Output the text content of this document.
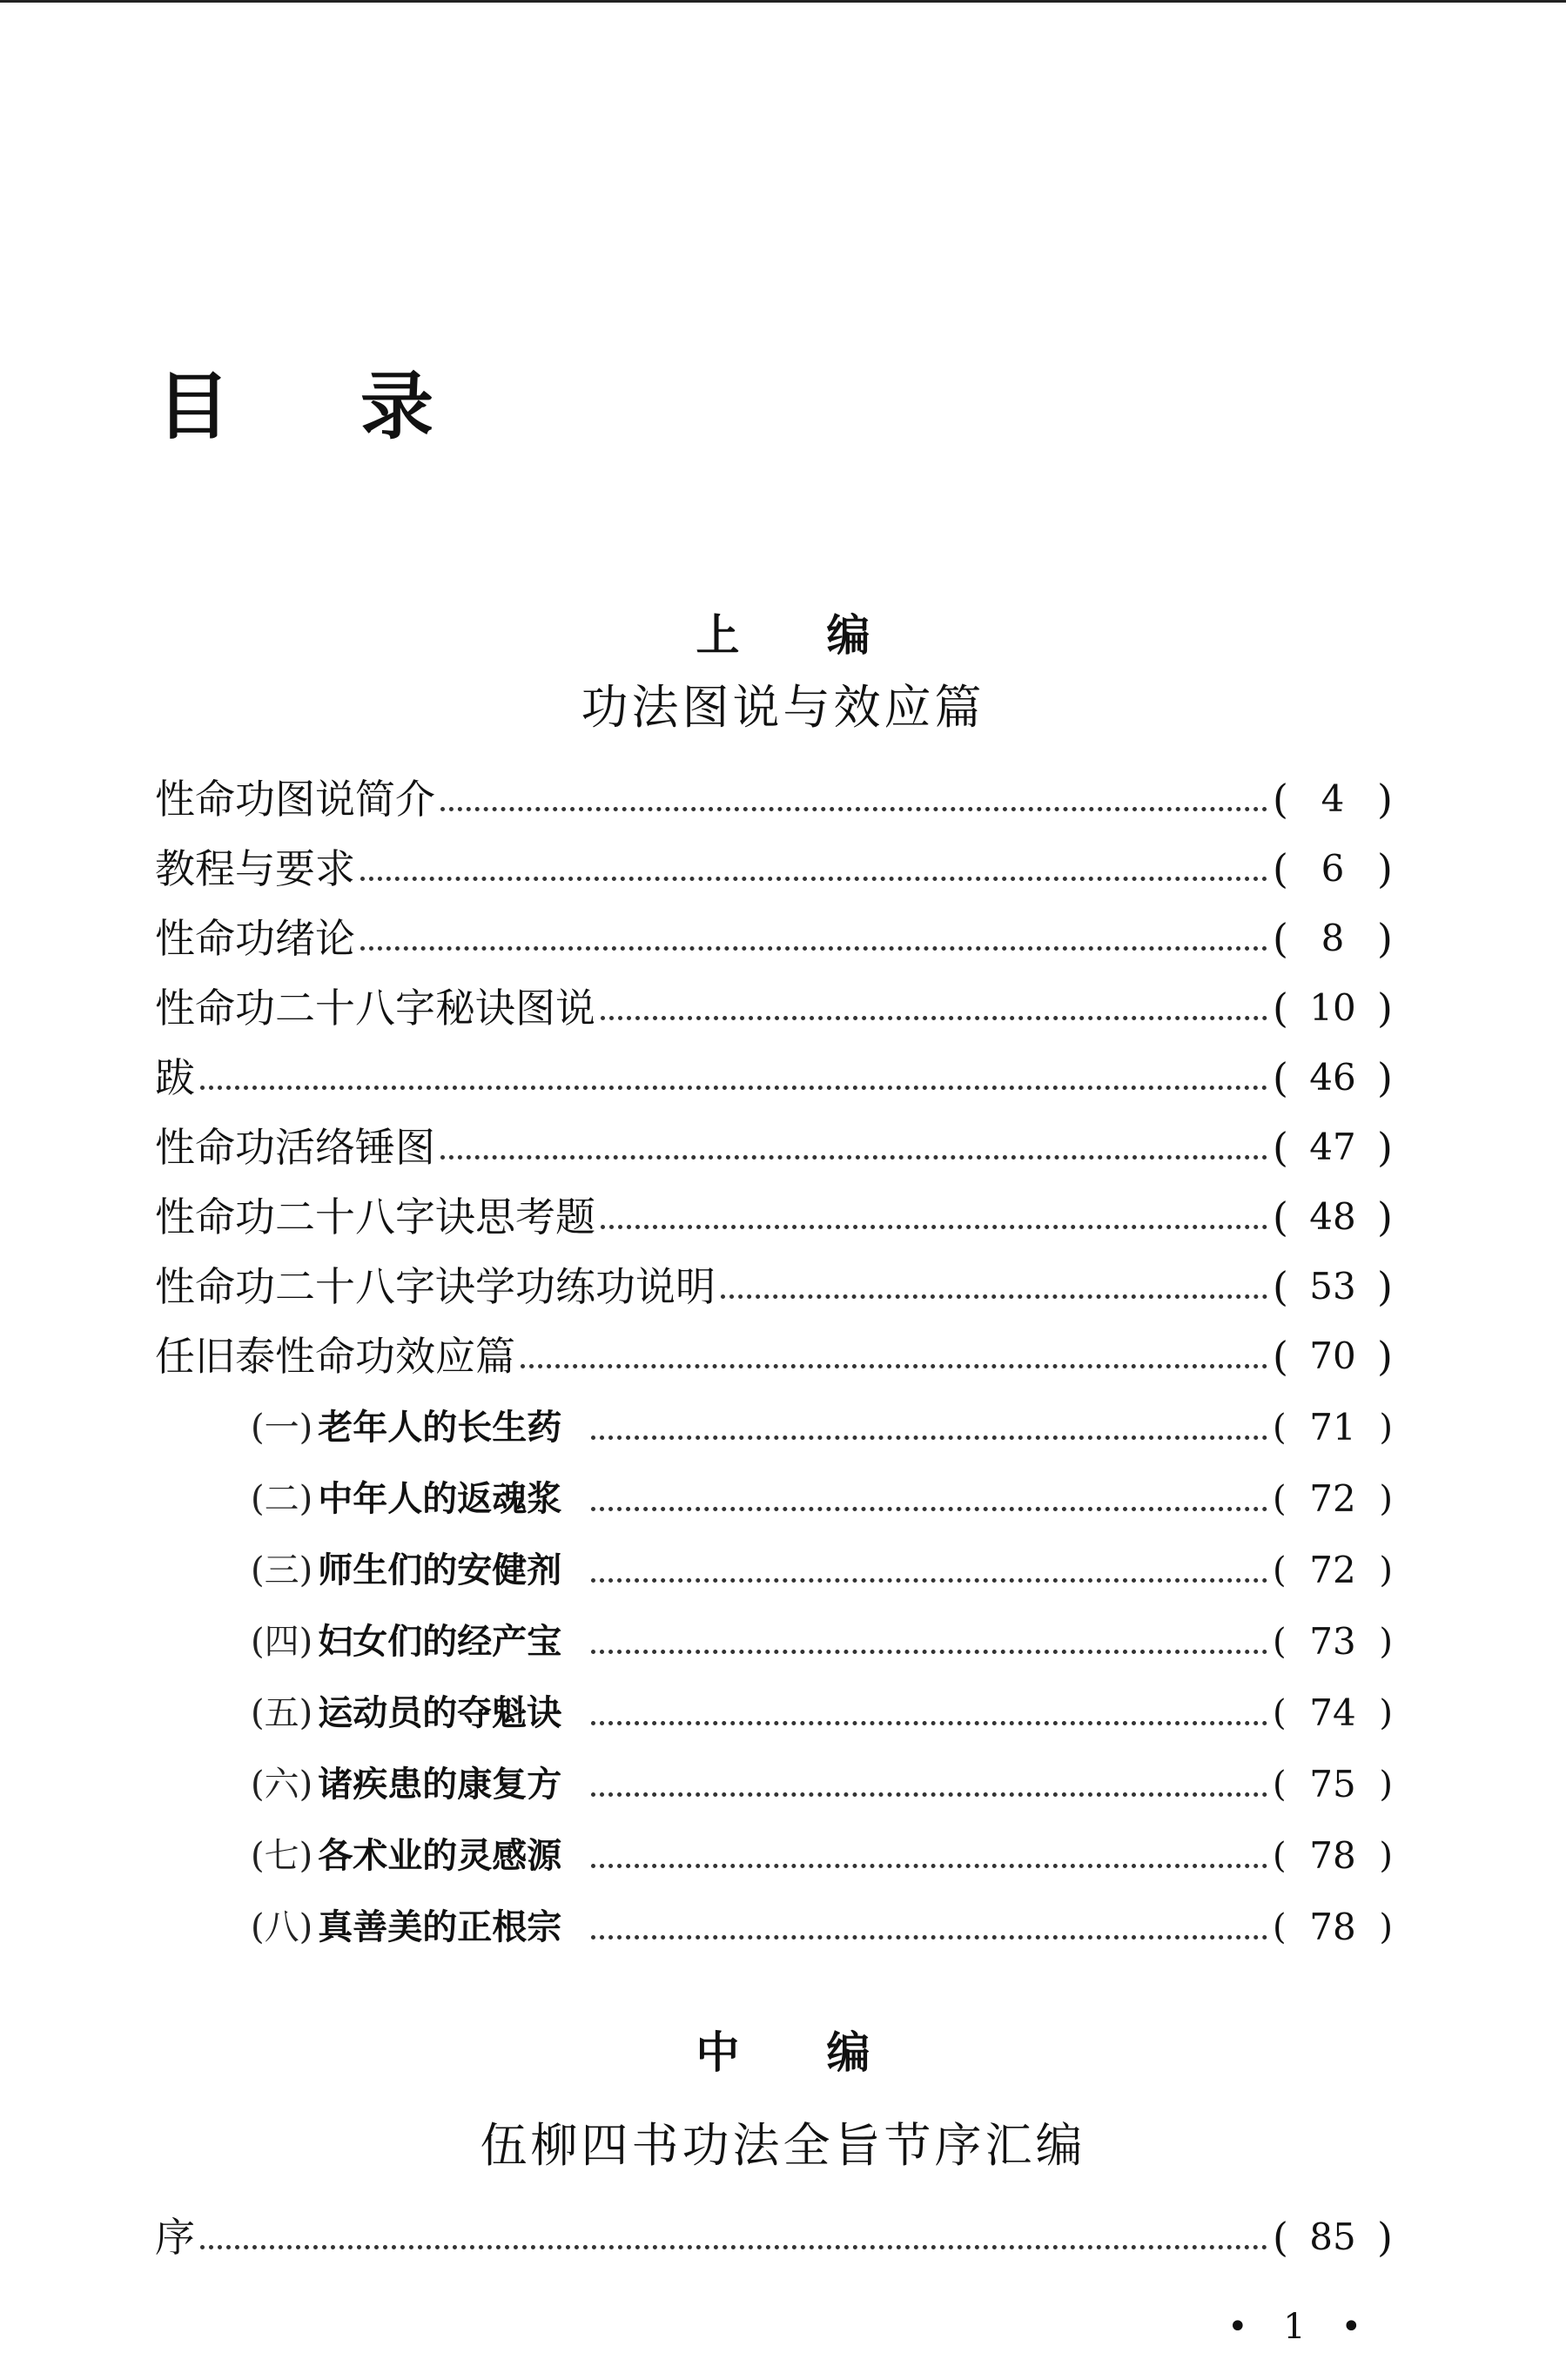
目 录
上 编
功法图说与效应篇
性命功图说简介	( 4 )
教程与要求	( 6 )
性命功绪论	( 8 )
性命功二十八字秘诀图说	( 10 )
跋	( 46 )
性命功活络锤图	( 47 )
性命功二十八字诀思考题	( 48 )
性命功二十八字诀学功练功说明	( 53 )
任旧泰性命功效应篇	( 70 )
(一) 老年人的长生药	( 71 )
(二) 中年人的返魂浆	( 72 )
(三) 师生们的安健剂	( 72 )
(四) 妇女们的经产宝	( 73 )
(五) 运动员的夺魁诀	( 74 )
(六) 诸疾患的康复方	( 75 )
(七) 各术业的灵感源	( 78 )
(八) 真善美的正根宗	( 78 )
中 编
伍柳四书功法全旨节序汇编
序	( 85 )
• 1 •
